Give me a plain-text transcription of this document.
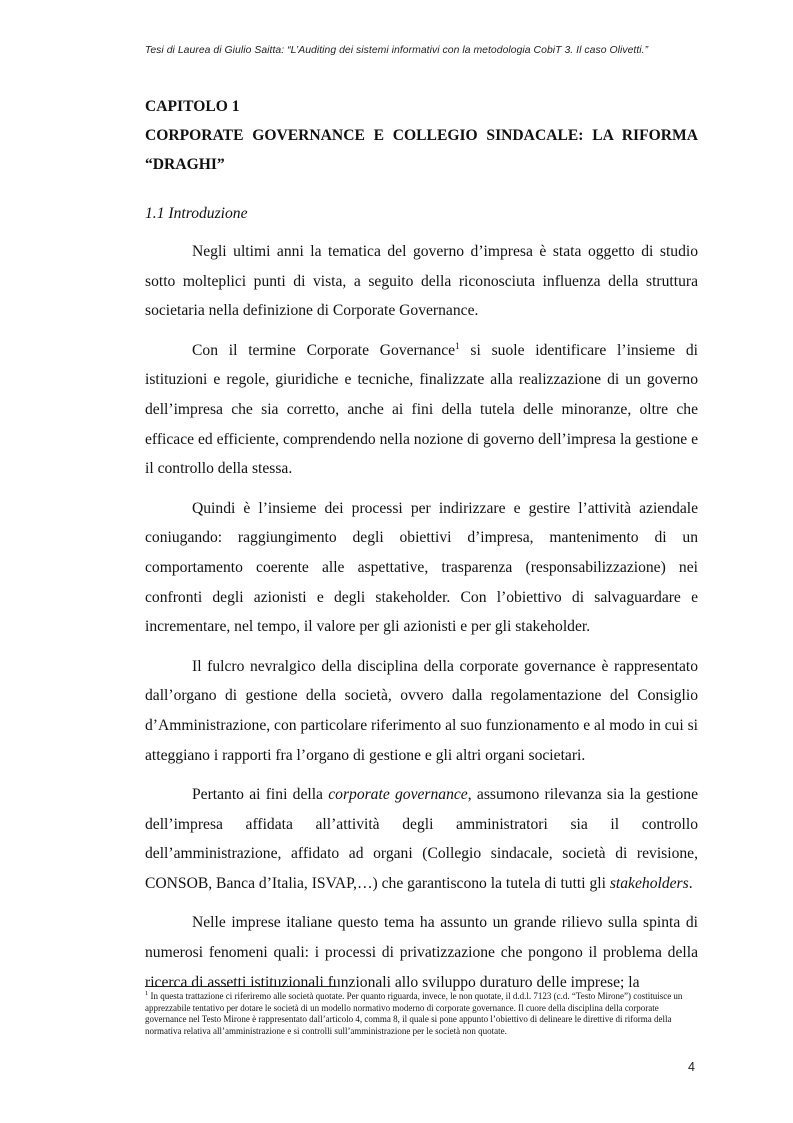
Tesi di Laurea di Giulio Saitta: “L’Auditing dei sistemi informativi con la metodologia CobiT 3. Il caso Olivetti.”

CAPITOLO 1

CORPORATE GOVERNANCE E COLLEGIO SINDACALE: LA RIFORMA “DRAGHI”

1.1 Introduzione

Negli ultimi anni la tematica del governo d’impresa è stata oggetto di studio sotto molteplici punti di vista, a seguito della riconosciuta influenza della struttura societaria nella definizione di Corporate Governance.

Con il termine Corporate Governance$^1$ si suole identificare l’insieme di istituzioni e regole, giuridiche e tecniche, finalizzate alla realizzazione di un governo dell’impresa che sia corretto, anche ai fini della tutela delle minoranze, oltre che efficace ed efficiente, comprendendo nella nozione di governo dell’impresa la gestione e il controllo della stessa.

Quindi è l’insieme dei processi per indirizzare e gestire l’attività aziendale coniugando: raggiungimento degli obiettivi d’impresa, mantenimento di un comportamento coerente alle aspettative, trasparenza (responsabilizzazione) nei confronti degli azionisti e degli stakeholder. Con l’obiettivo di salvaguardare e incrementare, nel tempo, il valore per gli azionisti e per gli stakeholder.

Il fulcro nevralgico della disciplina della corporate governance è rappresentato dall’organo di gestione della società, ovvero dalla regolamentazione del Consiglio d’Amministrazione, con particolare riferimento al suo funzionamento e al modo in cui si atteggiano i rapporti fra l’organo di gestione e gli altri organi societari.

Pertanto ai fini della corporate governance, assumono rilevanza sia la gestione dell’impresa affidata all’attività degli amministratori sia il controllo dell’amministrazione, affidato ad organi (Collegio sindacale, società di revisione, CONSOB, Banca d’Italia, ISVAP,…) che garantiscono la tutela di tutti gli stakeholders.

Nelle imprese italiane questo tema ha assunto un grande rilievo sulla spinta di numerosi fenomeni quali: i processi di privatizzazione che pongono il problema della ricerca di assetti istituzionali funzionali allo sviluppo duraturo delle imprese; la

$^1$ In questa trattazione ci riferiremo alle società quotate. Per quanto riguarda, invece, le non quotate, il d.d.l. 7123 (c.d. “Testo Mirone”) costituisce un apprezzabile tentativo per dotare le società di un modello normativo moderno di corporate governance. Il cuore della disciplina della corporate governance nel Testo Mirone è rappresentato dall’articolo 4, comma 8, il quale si pone appunto l’obiettivo di delineare le direttive di riforma della normativa relativa all’amministrazione e si controlli sull’amministrazione per le società non quotate.
4
